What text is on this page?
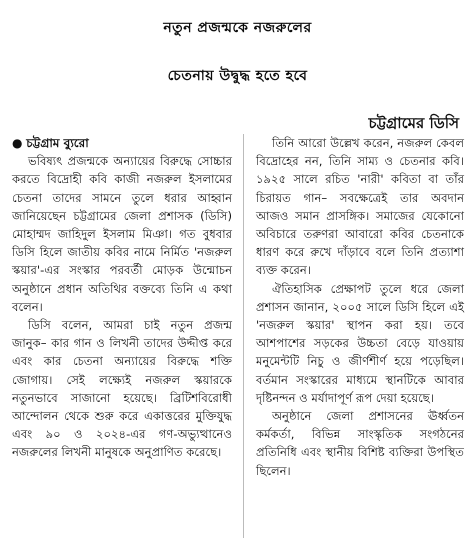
নতুন প্রজন্মকে নজরুলের
চেতনায় উদ্বুদ্ধ হতে হবে
চট্টগ্রামের ডিসি

● চট্টগ্রাম ব্যুরো

ভবিষ্যৎ প্রজন্মকে অন্যায়ের বিরুদ্ধে সোচ্চার করতে বিদ্রোহী কবি কাজী নজরুল ইসলামের চেতনা তাদের সামনে তুলে ধরার আহ্বান জানিয়েছেন চট্টগ্রামের জেলা প্রশাসক (ডিসি) মোহাম্মদ জাহিদুল ইসলাম মিঞা। গত বুধবার ডিসি হিলে জাতীয় কবির নামে নির্মিত 'নজরুল স্কয়ার'-এর সংস্কার পরবর্তী মোড়ক উন্মোচন অনুষ্ঠানে প্রধান অতিথির বক্তব্যে তিনি এ কথা বলেন।

ডিসি বলেন, আমরা চাই নতুন প্রজন্ম জানুক– কার গান ও লিখনী তাদের উদ্দীপ্ত করে এবং কার চেতনা অন্যায়ের বিরুদ্ধে শক্তি জোগায়। সেই লক্ষ্যেই নজরুল স্কয়ারকে নতুনভাবে সাজানো হয়েছে। ব্রিটিশবিরোধী আন্দোলন থেকে শুরু করে একাত্তরের মুক্তিযুদ্ধ এবং ৯০ ও ২০২৪-এর গণ-অভ্যুত্থানেও নজরুলের লিখনী মানুষকে অনুপ্রাণিত করেছে।

তিনি আরো উল্লেখ করেন, নজরুল কেবল বিদ্রোহের নন, তিনি সাম্য ও চেতনার কবি। ১৯২৫ সালে রচিত 'নারী' কবিতা বা তাঁর চিরায়ত গান– সবক্ষেত্রেই তার অবদান আজও সমান প্রাসঙ্গিক। সমাজের যেকোনো অবিচারে তরুণরা আবারো কবির চেতনাকে ধারণ করে রুখে দাঁড়াবে বলে তিনি প্রত্যাশা ব্যক্ত করেন।

ঐতিহাসিক প্রেক্ষাপট তুলে ধরে জেলা প্রশাসন জানান, ২০০৫ সালে ডিসি হিলে এই 'নজরুল স্কয়ার' স্থাপন করা হয়। তবে আশপাশের সড়কের উচ্চতা বেড়ে যাওয়ায় মনুমেন্টটি নিচু ও জীর্ণশীর্ণ হয়ে পড়েছিল। বর্তমান সংস্কারের মাধ্যমে স্থানটিকে আবার দৃষ্টিনন্দন ও মর্যাদাপূর্ণ রূপ দেয়া হয়েছে।

অনুষ্ঠানে জেলা প্রশাসনের ঊর্ধ্বতন কর্মকর্তা, বিভিন্ন সাংস্কৃতিক সংগঠনের প্রতিনিধি এবং স্থানীয় বিশিষ্ট ব্যক্তিরা উপস্থিত ছিলেন।
